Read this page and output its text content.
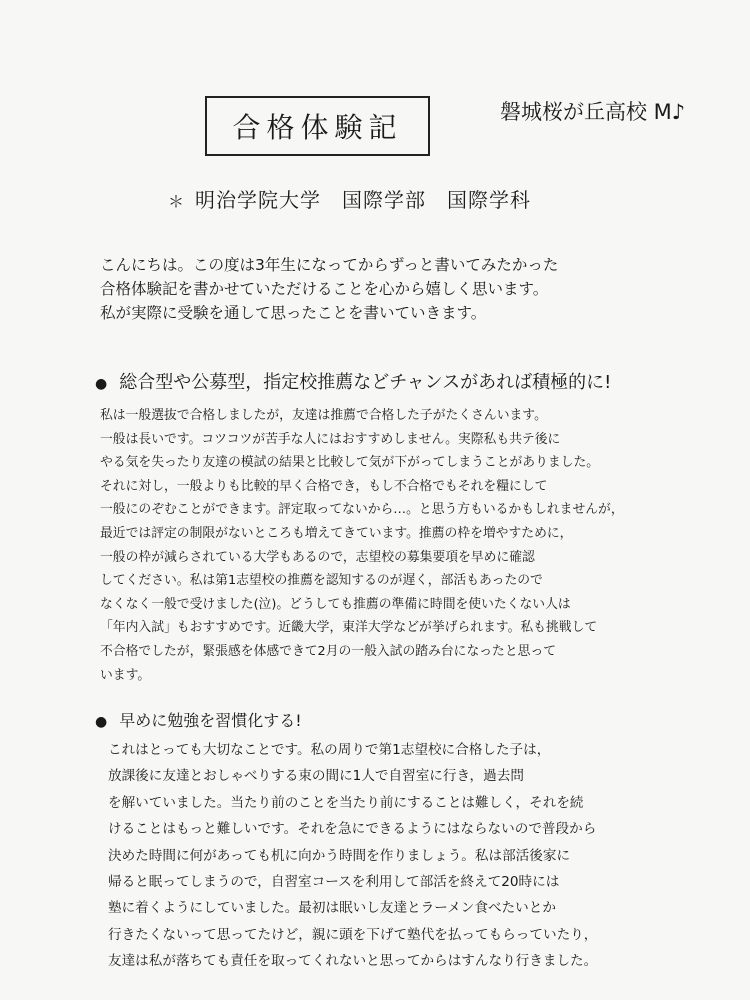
合格体験記	磐城桜が丘高校 M♪
＊ 明治学院大学　国際学部　国際学科
こんにちは。この度は3年生になってからずっと書いてみたかった
合格体験記を書かせていただけることを心から嬉しく思います。
私が実際に受験を通して思ったことを書いていきます。
● 総合型や公募型，指定校推薦などチャンスがあれば積極的に!
私は一般選抜で合格しましたが，友達は推薦で合格した子がたくさんいます。
一般は長いです。コツコツが苦手な人にはおすすめしません。実際私も共テ後に
やる気を失ったり友達の模試の結果と比較して気が下がってしまうことがありました。
それに対し，一般よりも比較的早く合格でき，もし不合格でもそれを糧にして
一般にのぞむことができます。評定取ってないから…。と思う方もいるかもしれませんが，
最近では評定の制限がないところも増えてきています。推薦の枠を増やすために，
一般の枠が減らされている大学もあるので，志望校の募集要項を早めに確認
してください。私は第1志望校の推薦を認知するのが遅く，部活もあったので
なくなく一般で受けました(泣)。どうしても推薦の準備に時間を使いたくない人は
「年内入試」もおすすめです。近畿大学，東洋大学などが挙げられます。私も挑戦して
不合格でしたが，緊張感を体感できて2月の一般入試の踏み台になったと思って
います。
● 早めに勉強を習慣化する!
これはとっても大切なことです。私の周りで第1志望校に合格した子は，
放課後に友達とおしゃべりする束の間に1人で自習室に行き，過去問
を解いていました。当たり前のことを当たり前にすることは難しく，それを続
けることはもっと難しいです。それを急にできるようにはならないので普段から
決めた時間に何があっても机に向かう時間を作りましょう。私は部活後家に
帰ると眠ってしまうので，自習室コースを利用して部活を終えて20時には
塾に着くようにしていました。最初は眠いし友達とラーメン食べたいとか
行きたくないって思ってたけど，親に頭を下げて塾代を払ってもらっていたり，
友達は私が落ちても責任を取ってくれないと思ってからはすんなり行きました。
